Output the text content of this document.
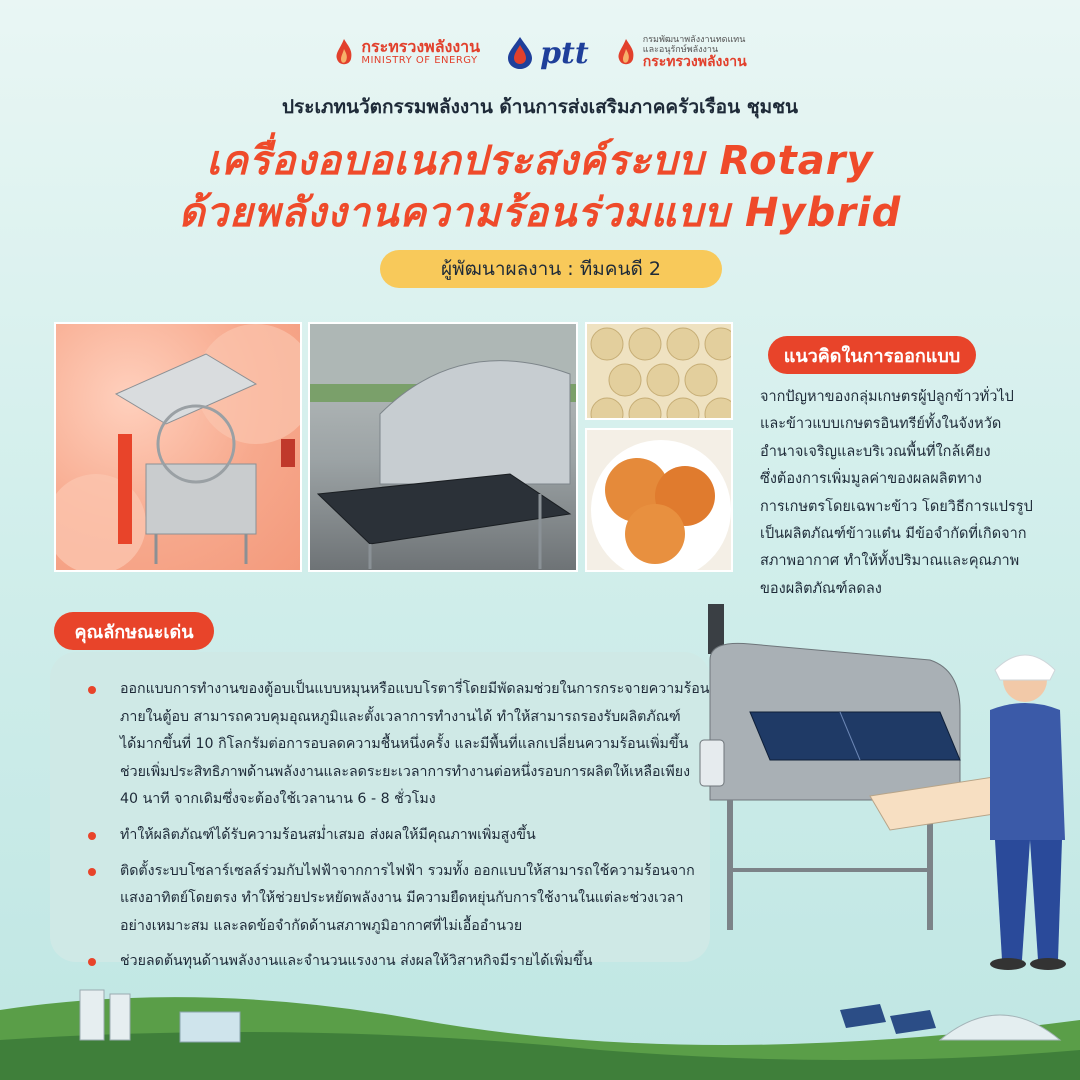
กระทรวงพลังงาน
MINISTRY OF ENERGY ptt	กรมพัฒนาพลังงานทดแทน
และอนุรักษ์พลังงาน
กระทรวงพลังงาน
ประเภทนวัตกรรมพลังงาน ด้านการส่งเสริมภาคครัวเรือน ชุมชน
เครื่องอบอเนกประสงค์ระบบ Rotary
ด้วยพลังงานความร้อนร่วมแบบ Hybrid
ผู้พัฒนาผลงาน : ทีมคนดี 2
แนวคิดในการออกแบบ
จากปัญหาของกลุ่มเกษตรผู้ปลูกข้าวทั่วไป
และข้าวแบบเกษตรอินทรีย์ทั้งในจังหวัด
อำนาจเจริญและบริเวณพื้นที่ใกล้เคียง
ซึ่งต้องการเพิ่มมูลค่าของผลผลิตทาง
การเกษตรโดยเฉพาะข้าว โดยวิธีการแปรรูป
เป็นผลิตภัณฑ์ข้าวแต๋น มีข้อจำกัดที่เกิดจาก
สภาพอากาศ ทำให้ทั้งปริมาณและคุณภาพ
ของผลิตภัณฑ์ลดลง
คุณลักษณะเด่น
ออกแบบการทำงานของตู้อบเป็นแบบหมุนหรือแบบโรตารี่โดยมีพัดลมช่วยในการกระจายความร้อน
ภายในตู้อบ สามารถควบคุมอุณหภูมิและตั้งเวลาการทำงานได้ ทำให้สามารถรองรับผลิตภัณฑ์
ได้มากขึ้นที่ 10 กิโลกรัมต่อการอบลดความชื้นหนึ่งครั้ง และมีพื้นที่แลกเปลี่ยนความร้อนเพิ่มขึ้น
ช่วยเพิ่มประสิทธิภาพด้านพลังงานและลดระยะเวลาการทำงานต่อหนึ่งรอบการผลิตให้เหลือเพียง
40 นาที จากเดิมซึ่งจะต้องใช้เวลานาน 6 - 8 ชั่วโมง
ทำให้ผลิตภัณฑ์ได้รับความร้อนสม่ำเสมอ ส่งผลให้มีคุณภาพเพิ่มสูงขึ้น
ติดตั้งระบบโซลาร์เซลล์ร่วมกับไฟฟ้าจากการไฟฟ้า รวมทั้ง ออกแบบให้สามารถใช้ความร้อนจาก
แสงอาทิตย์โดยตรง ทำให้ช่วยประหยัดพลังงาน มีความยืดหยุ่นกับการใช้งานในแต่ละช่วงเวลา
อย่างเหมาะสม และลดข้อจำกัดด้านสภาพภูมิอากาศที่ไม่เอื้ออำนวย
ช่วยลดต้นทุนด้านพลังงานและจำนวนแรงงาน ส่งผลให้วิสาหกิจมีรายได้เพิ่มขึ้น
